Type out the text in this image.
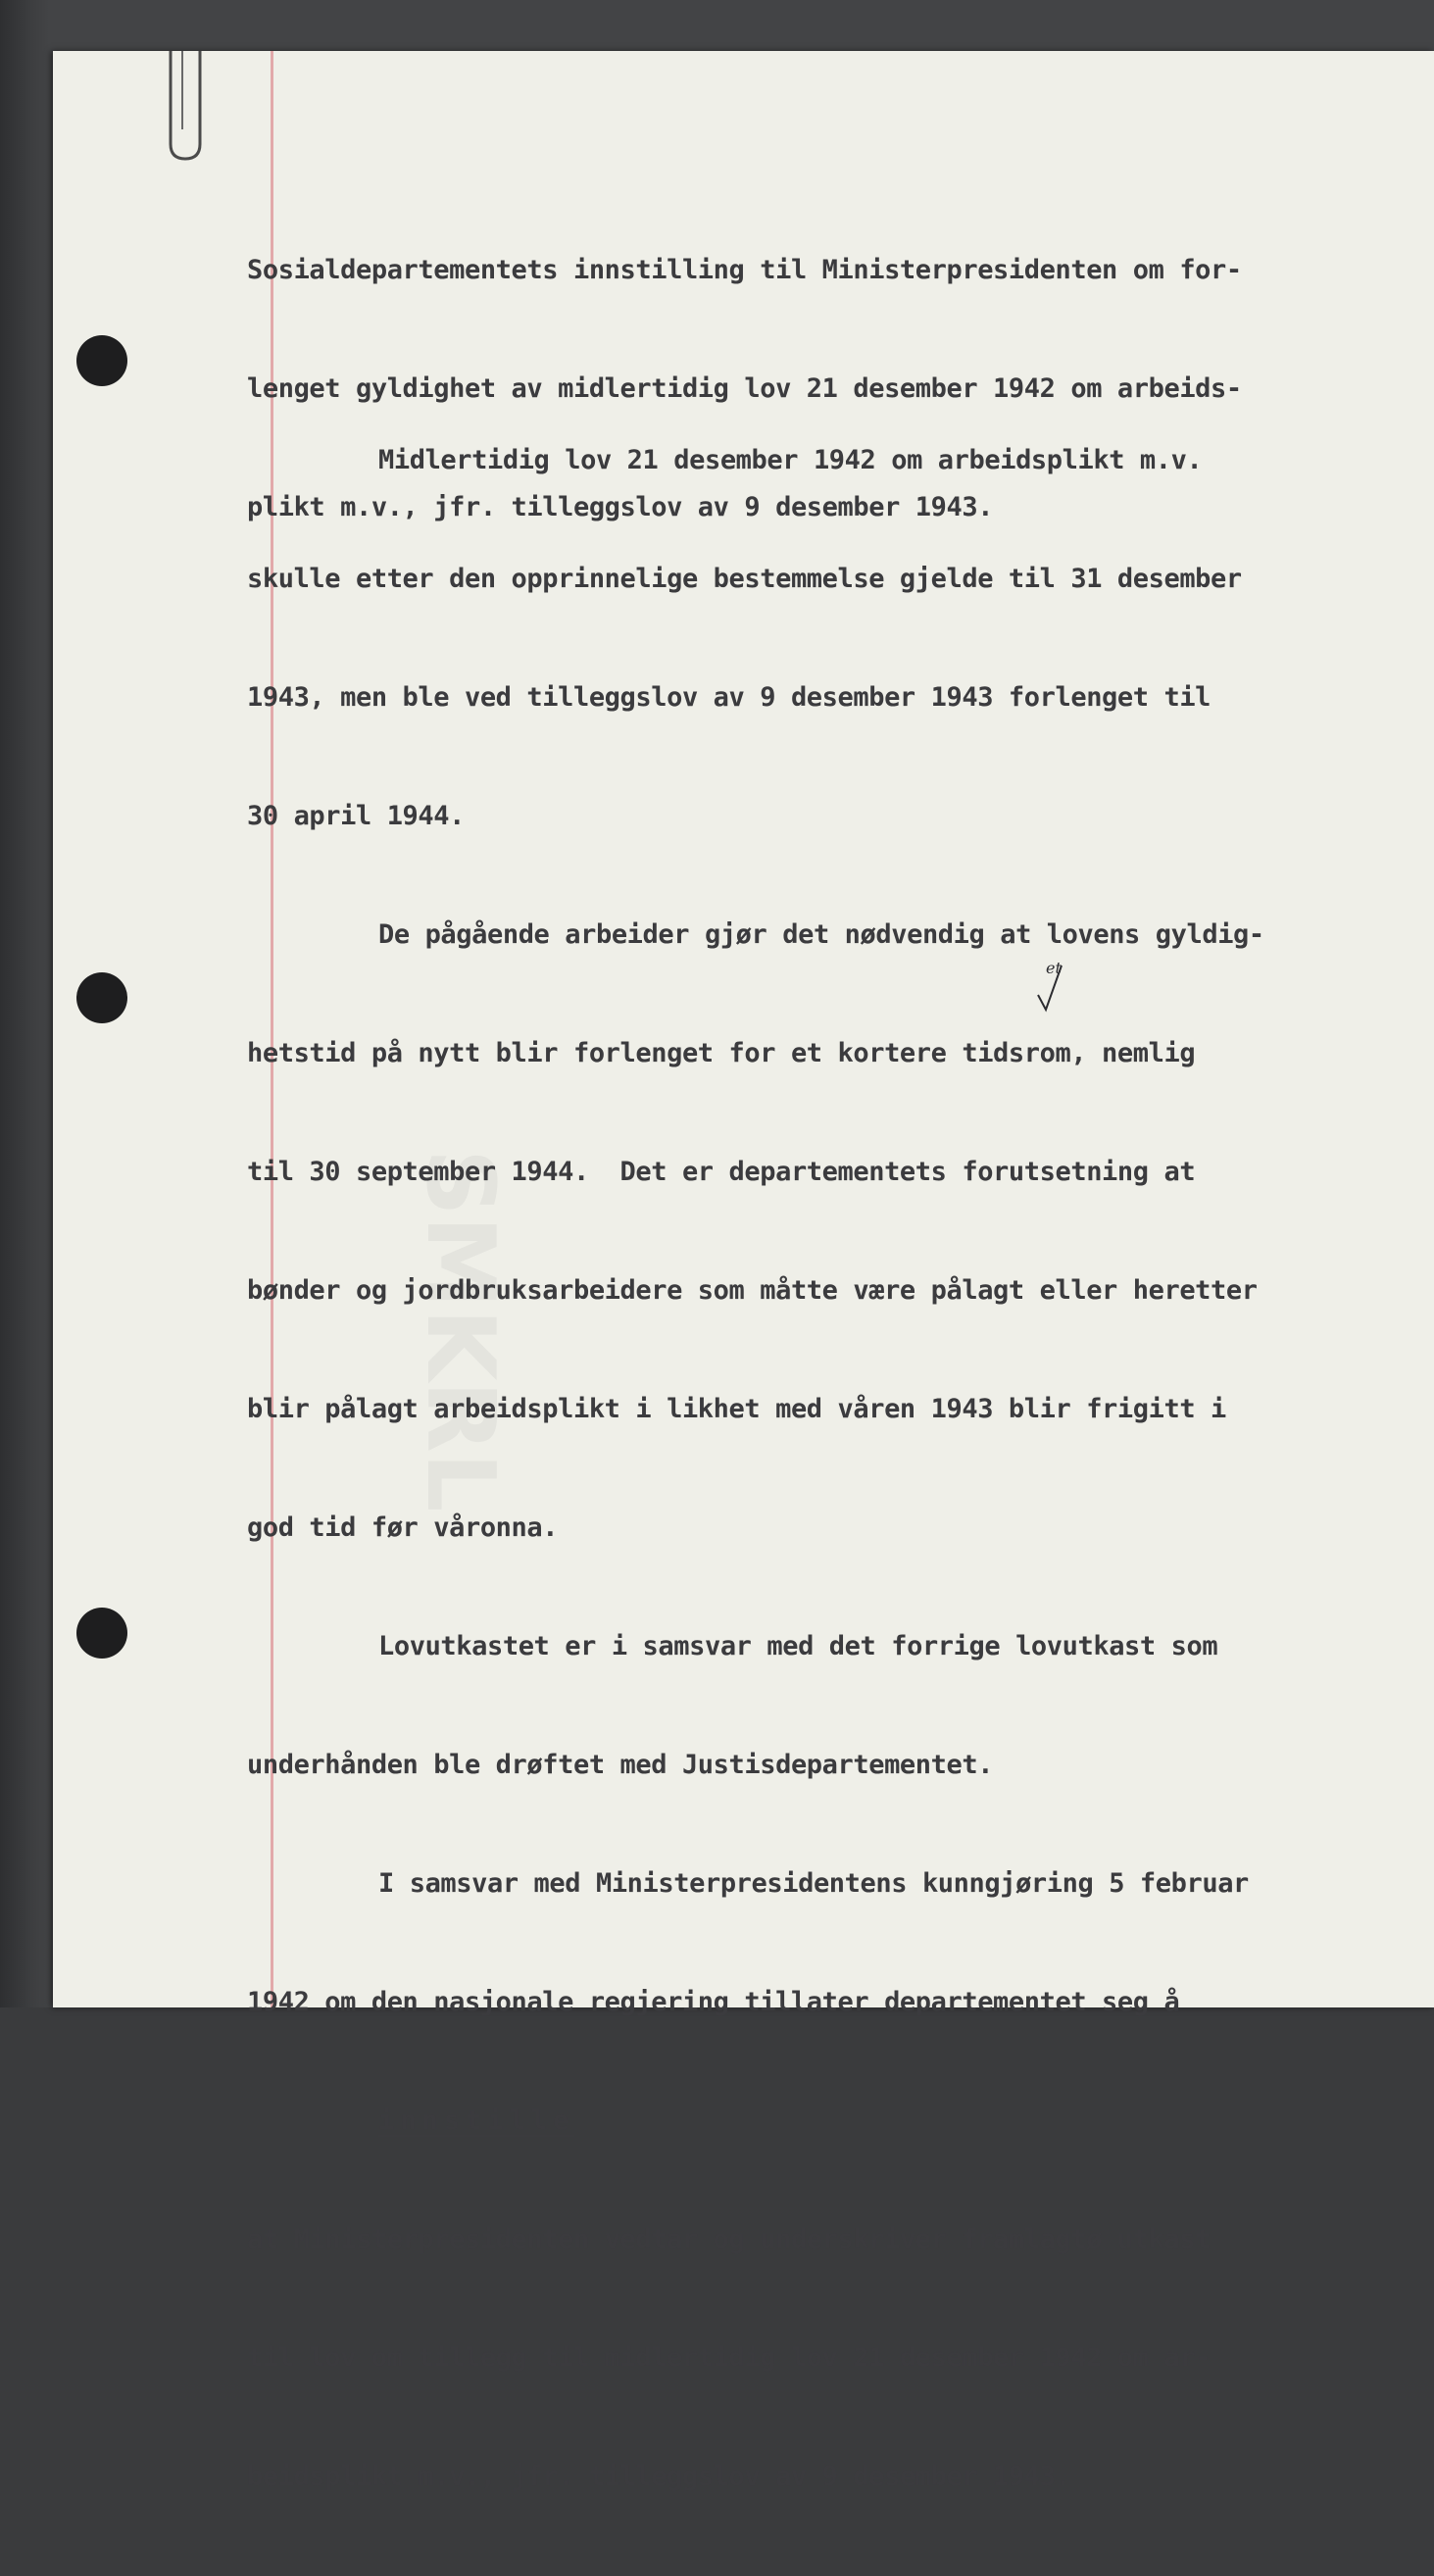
SMKRL

Sosialdepartementets innstilling til Ministerpresidenten om for-

lenget gyldighet av midlertidig lov 21 desember 1942 om arbeids-

plikt m.v., jfr. tilleggslov av 9 desember 1943.

Midlertidig lov 21 desember 1942 om arbeidsplikt m.v.

skulle etter den opprinnelige bestemmelse gjelde til 31 desember

1943, men ble ved tilleggslov av 9 desember 1943 forlenget til

30 april 1944.

De pågående arbeider gjør det nødvendig at lovens gyldig-

hetstid på nytt blir forlenget for et kortere tidsrom, nemlig

til 30 september 1944.  Det er departementets forutsetning at

bønder og jordbruksarbeidere som måtte være pålagt eller heretter

blir pålagt arbeidsplikt i likhet med våren 1943 blir frigitt i

god tid før våronna.

Lovutkastet er i samsvar med det forrige lovutkast som

underhånden ble drøftet med Justisdepartementet.

I samsvar med Ministerpresidentens kunngjøring 5 februar

1942 om den nasjonale regjering tillater departementet seg å

innstille

at Ministerpresidenten vedtar og underskriver framlagtø utkast

til lov om tillegg til midlertidig lov 21 desember 1942 om ar-

beidsplikt m.v., jfr. tilleggslov av 9 desember 1943.

et
